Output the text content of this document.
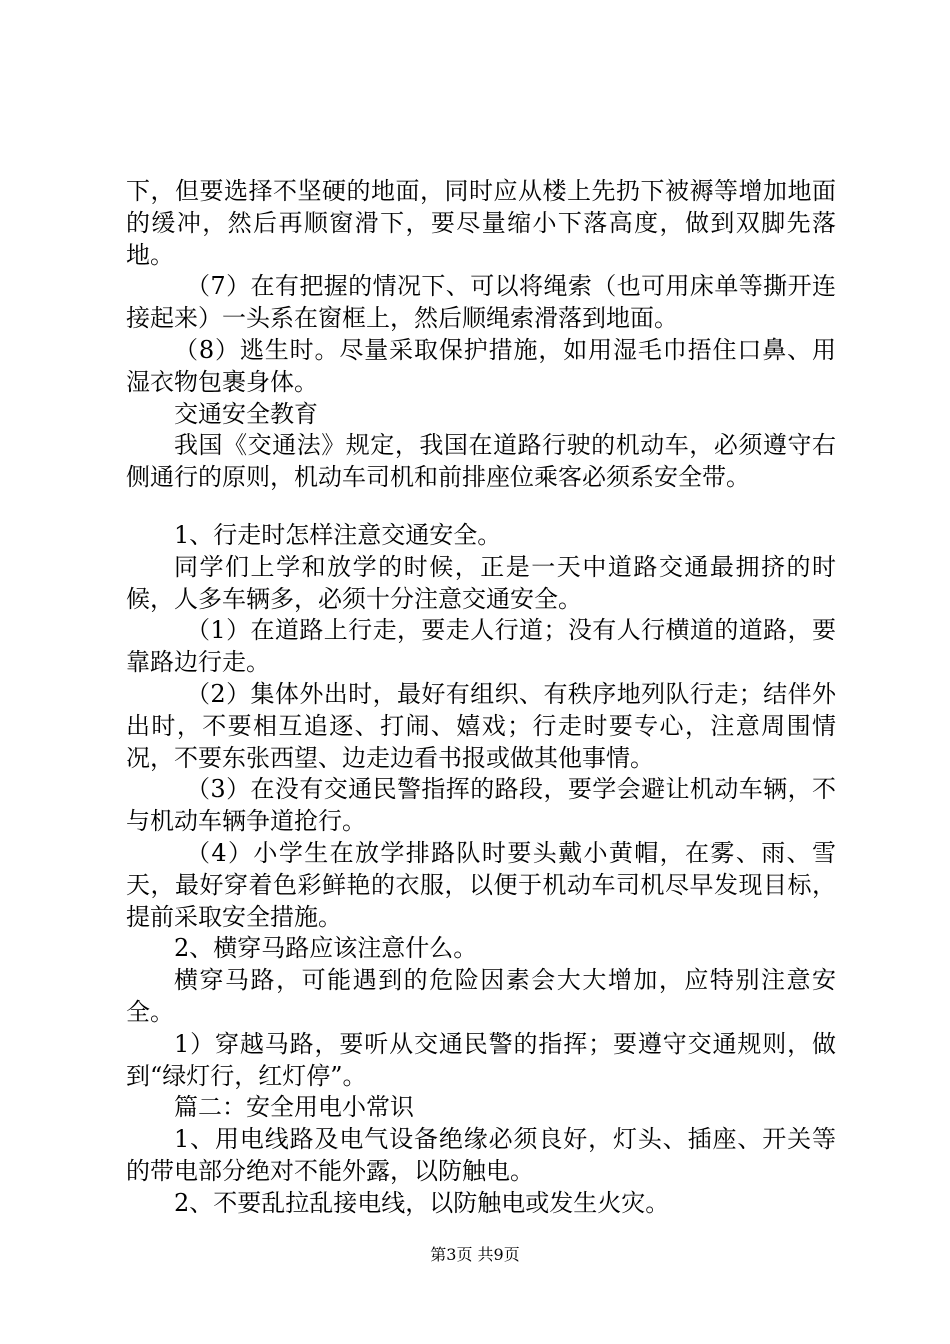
下，但要选择不坚硬的地面，同时应从楼上先扔下被褥等增加地面的缓冲，然后再顺窗滑下，要尽量缩小下落高度，做到双脚先落地。

（7）在有把握的情况下、可以将绳索（也可用床单等撕开连接起来）一头系在窗框上，然后顺绳索滑落到地面。

（8）逃生时。尽量采取保护措施，如用湿毛巾捂住口鼻、用湿衣物包裹身体。

交通安全教育

我国《交通法》规定，我国在道路行驶的机动车，必须遵守右侧通行的原则，机动车司机和前排座位乘客必须系安全带。

1、行走时怎样注意交通安全。

同学们上学和放学的时候，正是一天中道路交通最拥挤的时候，人多车辆多，必须十分注意交通安全。

（1）在道路上行走，要走人行道；没有人行横道的道路，要靠路边行走。

（2）集体外出时，最好有组织、有秩序地列队行走；结伴外出时，不要相互追逐、打闹、嬉戏；行走时要专心，注意周围情况，不要东张西望、边走边看书报或做其他事情。

（3）在没有交通民警指挥的路段，要学会避让机动车辆，不与机动车辆争道抢行。

（4）小学生在放学排路队时要头戴小黄帽，在雾、雨、雪天，最好穿着色彩鲜艳的衣服，以便于机动车司机尽早发现目标，提前采取安全措施。

2、横穿马路应该注意什么。

横穿马路，可能遇到的危险因素会大大增加，应特别注意安全。

1）穿越马路，要听从交通民警的指挥；要遵守交通规则，做到“绿灯行，红灯停”。

篇二：安全用电小常识

1、用电线路及电气设备绝缘必须良好，灯头、插座、开关等的带电部分绝对不能外露，以防触电。

2、不要乱拉乱接电线，以防触电或发生火灾。

第3页 共9页
